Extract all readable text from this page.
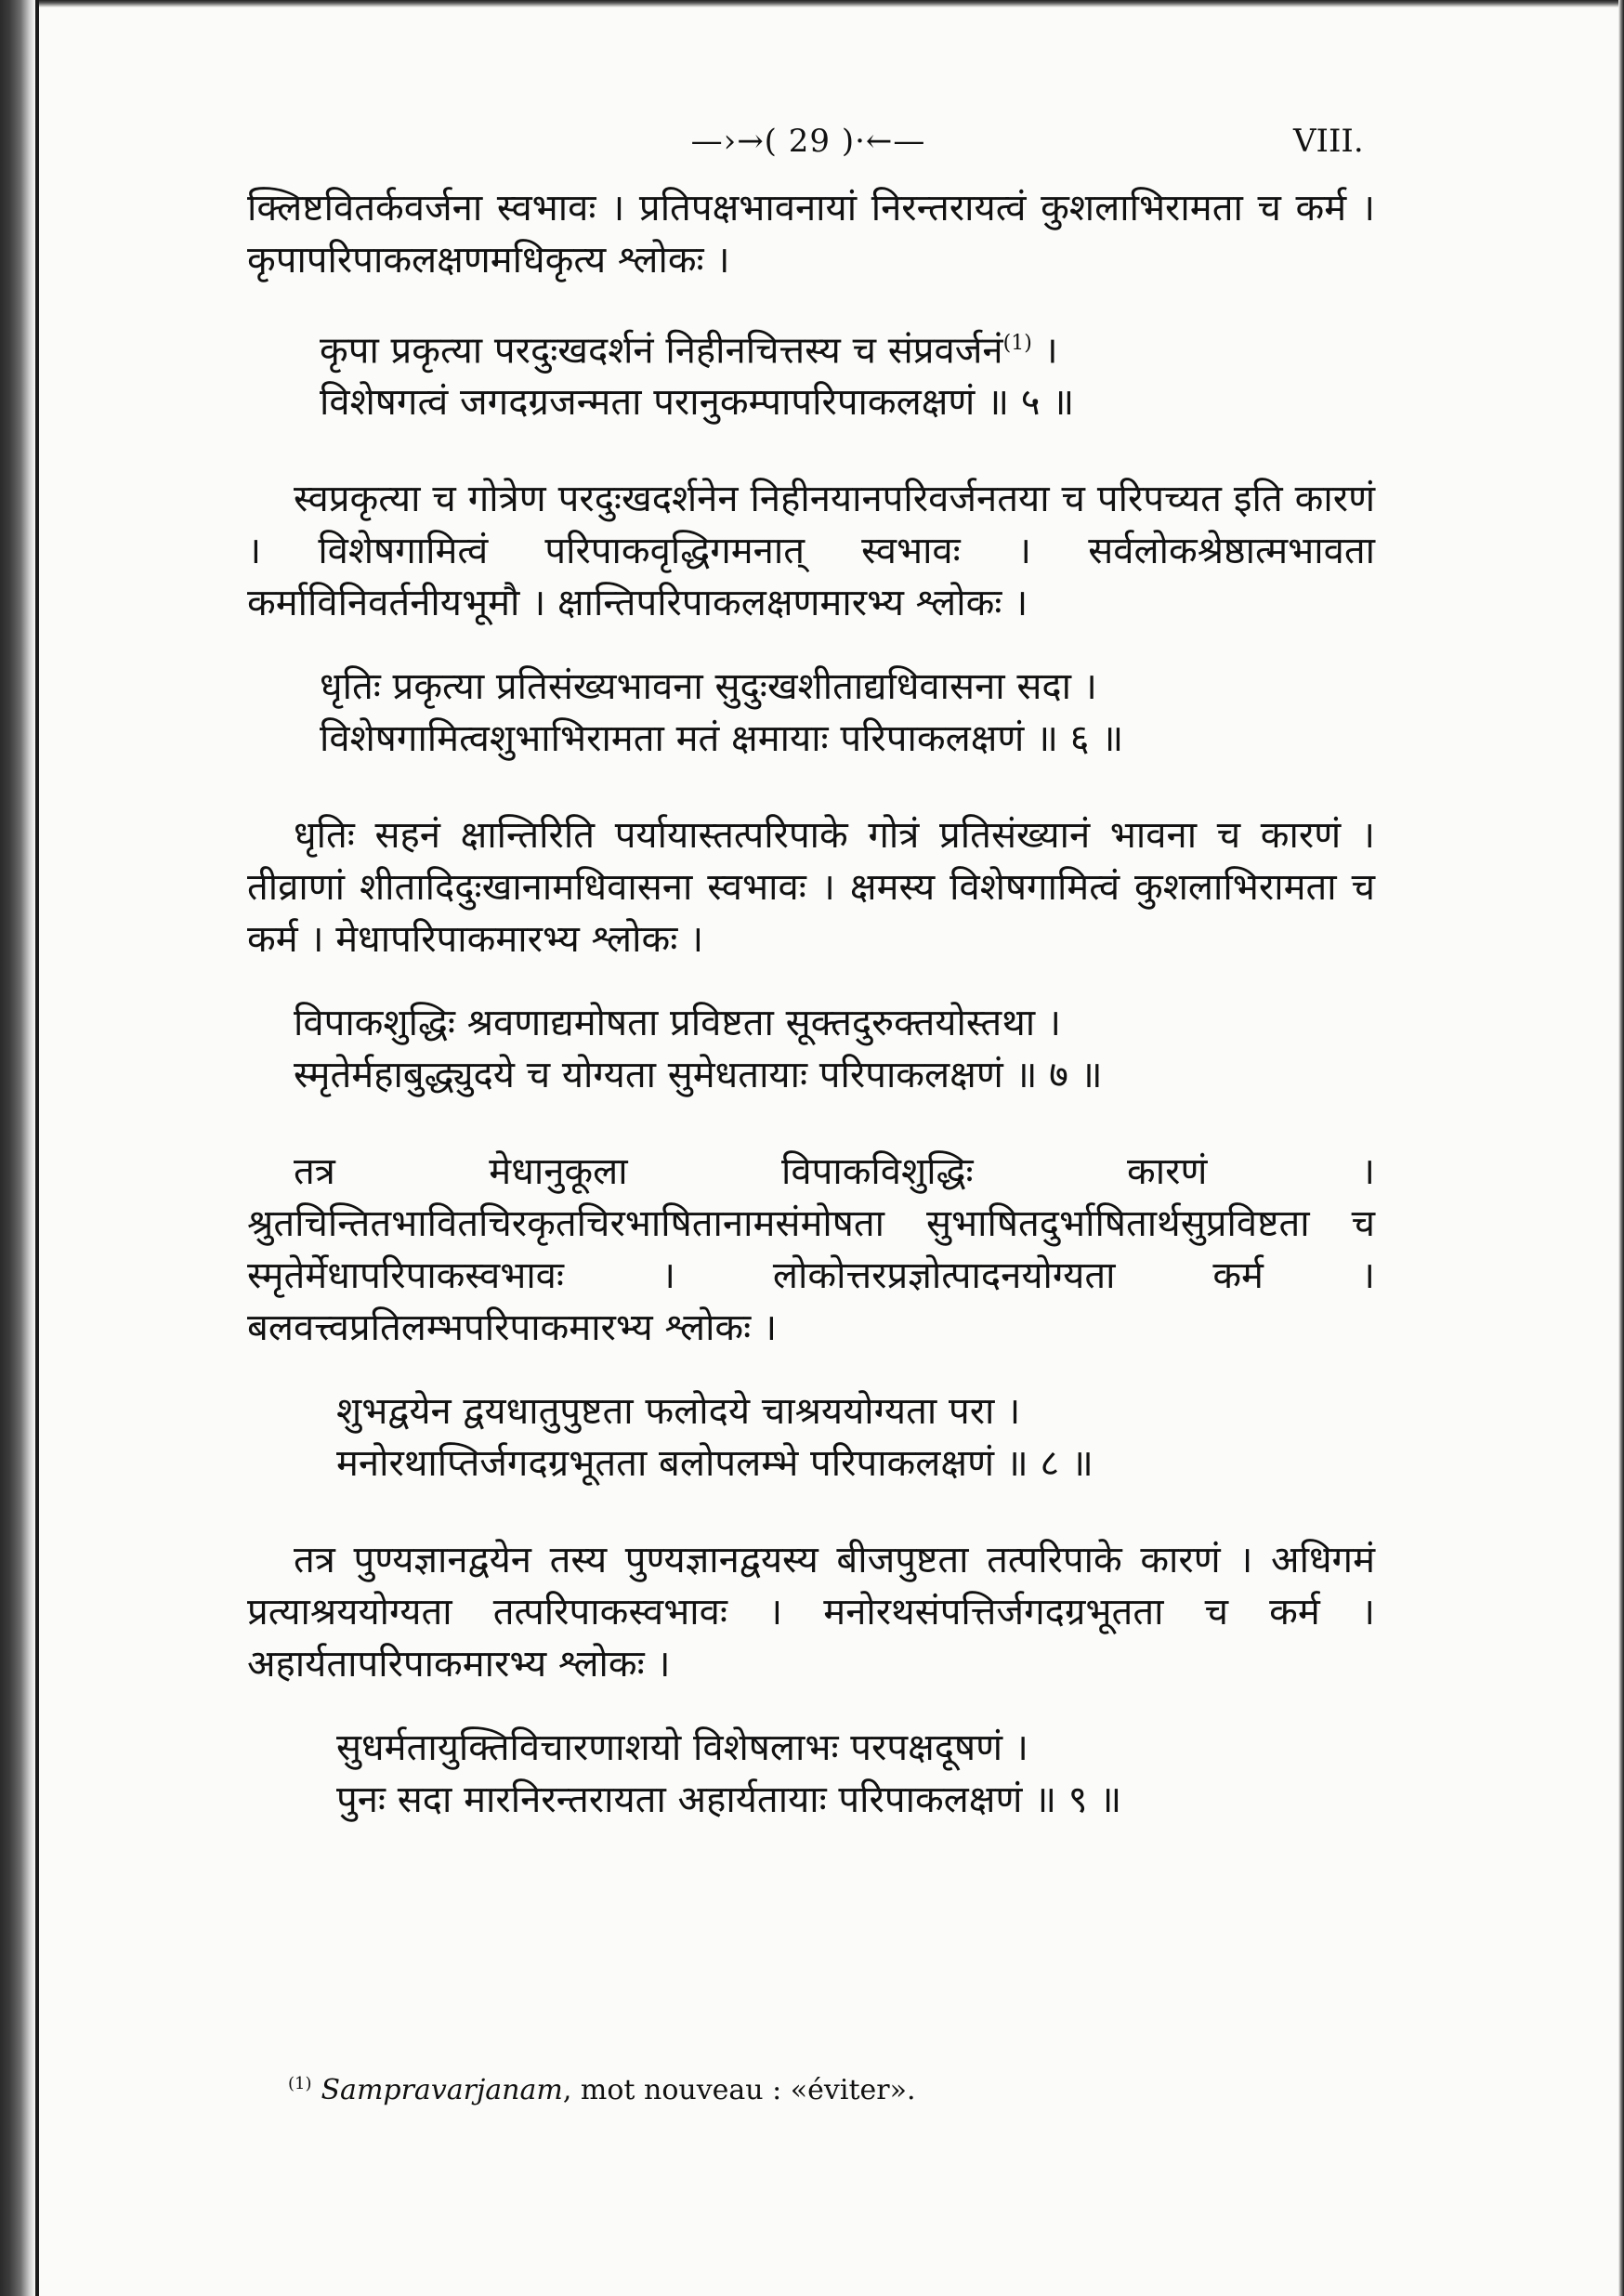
—›→( 29 )·←—	VIII.

क्लिष्टवितर्कवर्जना स्वभावः । प्रतिपक्षभावनायां निरन्तरायत्वं कुशलाभिरामता च कर्म । कृपापरिपाकलक्षणमधिकृत्य श्लोकः ।

कृपा प्रकृत्या परदुःखदर्शनं निहीनचित्तस्य च संप्रवर्जनं$^{(1)}$ ।
विशेषगत्वं जगदग्रजन्मता परानुकम्पापरिपाकलक्षणं ॥ ५ ॥

स्वप्रकृत्या च गोत्रेण परदुःखदर्शनेन निहीनयानपरिवर्जनतया च परिपच्यत इति कारणं । विशेषगामित्वं परिपाकवृद्धिगमनात् स्वभावः । सर्वलोकश्रेष्ठात्मभावता कर्माविनिवर्तनीयभूमौ । क्षान्तिपरिपाकलक्षणमारभ्य श्लोकः ।

धृतिः प्रकृत्या प्रतिसंख्यभावना सुदुःखशीताद्यधिवासना सदा ।
विशेषगामित्वशुभाभिरामता मतं क्षमायाः परिपाकलक्षणं ॥ ६ ॥

धृतिः सहनं क्षान्तिरिति पर्यायास्तत्परिपाके गोत्रं प्रतिसंख्यानं भावना च कारणं । तीव्राणां शीतादिदुःखानामधिवासना स्वभावः । क्षमस्य विशेषगामित्वं कुशलाभिरामता च कर्म । मेधापरिपाकमारभ्य श्लोकः ।

विपाकशुद्धिः श्रवणाद्यमोषता प्रविष्टता सूक्तदुरुक्तयोस्तथा ।
स्मृतेर्महाबुद्ध्युदये च योग्यता सुमेधतायाः परिपाकलक्षणं ॥ ७ ॥

तत्र मेधानुकूला विपाकविशुद्धिः कारणं । श्रुतचिन्तितभावितचिरकृतचिरभाषितानामसंमोषता सुभाषितदुर्भाषितार्थसुप्रविष्टता च स्मृतेर्मेधापरिपाकस्वभावः । लोकोत्तरप्रज्ञोत्पादनयोग्यता कर्म । बलवत्त्वप्रतिलम्भपरिपाकमारभ्य श्लोकः ।

शुभद्वयेन द्वयधातुपुष्टता फलोदये चाश्रययोग्यता परा ।
मनोरथाप्तिर्जगदग्रभूतता बलोपलम्भे परिपाकलक्षणं ॥ ८ ॥

तत्र पुण्यज्ञानद्वयेन तस्य पुण्यज्ञानद्वयस्य बीजपुष्टता तत्परिपाके कारणं । अधिगमं प्रत्याश्रययोग्यता तत्परिपाकस्वभावः । मनोरथसंपत्तिर्जगदग्रभूतता च कर्म । अहार्यतापरिपाकमारभ्य श्लोकः ।

सुधर्मतायुक्तिविचारणाशयो विशेषलाभः परपक्षदूषणं ।
पुनः सदा मारनिरन्तरायता अहार्यतायाः परिपाकलक्षणं ॥ ९ ॥
$^{(1)}$ Sampravarjanam, mot nouveau : «éviter».
